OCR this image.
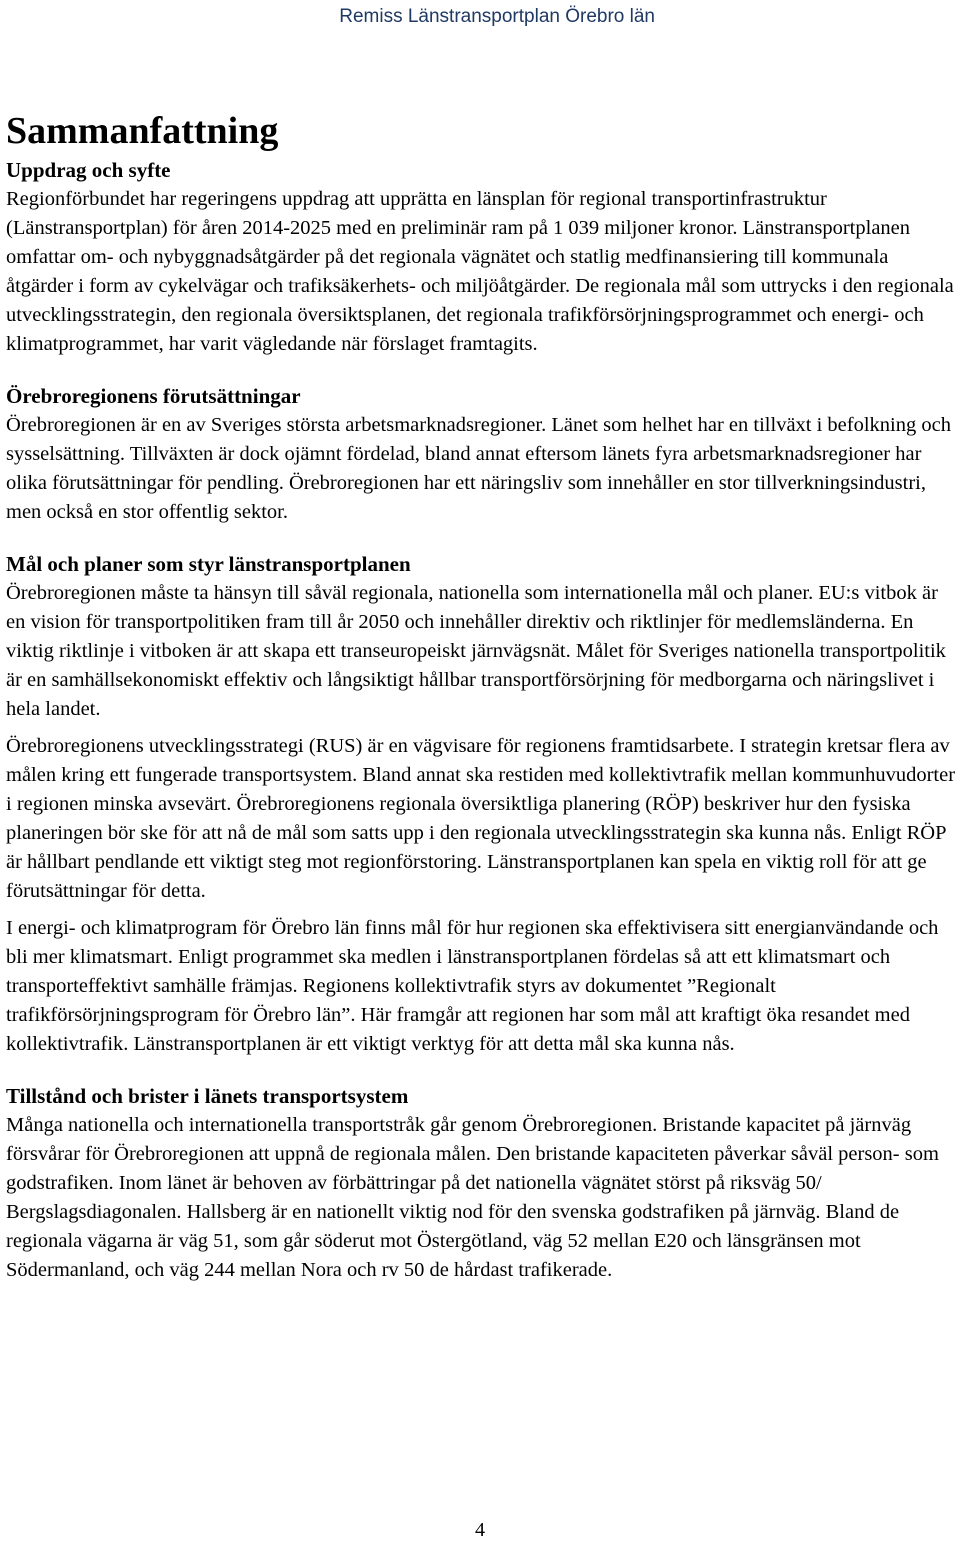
Remiss Länstransportplan Örebro län
Sammanfattning
Uppdrag och syfte

Regionförbundet har regeringens uppdrag att upprätta en länsplan för regional transportinfrastruktur (Länstransportplan) för åren 2014-2025 med en preliminär ram på 1 039 miljoner kronor. Länstransportplanen omfattar om- och nybyggnadsåtgärder på det regionala vägnätet och statlig medfinansiering till kommunala åtgärder i form av cykelvägar och trafiksäkerhets- och miljöåtgärder. De regionala mål som uttrycks i den regionala utvecklingsstrategin, den regionala översiktsplanen, det regionala trafikförsörjningsprogrammet och energi- och klimatprogrammet, har varit vägledande när förslaget framtagits.

Örebroregionens förutsättningar

Örebroregionen är en av Sveriges största arbetsmarknadsregioner. Länet som helhet har en tillväxt i befolkning och sysselsättning. Tillväxten är dock ojämnt fördelad, bland annat eftersom länets fyra arbetsmarknadsregioner har olika förutsättningar för pendling. Örebroregionen har ett näringsliv som innehåller en stor tillverkningsindustri, men också en stor offentlig sektor.

Mål och planer som styr länstransportplanen

Örebroregionen måste ta hänsyn till såväl regionala, nationella som internationella mål och planer. EU:s vitbok är en vision för transportpolitiken fram till år 2050 och innehåller direktiv och riktlinjer för medlemsländerna. En viktig riktlinje i vitboken är att skapa ett transeuropeiskt järnvägsnät. Målet för Sveriges nationella transportpolitik är en samhällsekonomiskt effektiv och långsiktigt hållbar transportförsörjning för medborgarna och näringslivet i hela landet.

Örebroregionens utvecklingsstrategi (RUS) är en vägvisare för regionens framtidsarbete. I strategin kretsar flera av målen kring ett fungerade transportsystem. Bland annat ska restiden med kollektivtrafik mellan kommunhuvudorter i regionen minska avsevärt. Örebroregionens regionala översiktliga planering (RÖP) beskriver hur den fysiska planeringen bör ske för att nå de mål som satts upp i den regionala utvecklingsstrategin ska kunna nås. Enligt RÖP är hållbart pendlande ett viktigt steg mot regionförstoring. Länstransportplanen kan spela en viktig roll för att ge förutsättningar för detta.

I energi- och klimatprogram för Örebro län finns mål för hur regionen ska effektivisera sitt energianvändande och bli mer klimatsmart. Enligt programmet ska medlen i länstransportplanen fördelas så att ett klimatsmart och transporteffektivt samhälle främjas. Regionens kollektivtrafik styrs av dokumentet ”Regionalt trafikförsörjningsprogram för Örebro län”. Här framgår att regionen har som mål att kraftigt öka resandet med kollektivtrafik. Länstransportplanen är ett viktigt verktyg för att detta mål ska kunna nås.

Tillstånd och brister i länets transportsystem

Många nationella och internationella transportstråk går genom Örebroregionen. Bristande kapacitet på järnväg försvårar för Örebroregionen att uppnå de regionala målen. Den bristande kapaciteten påverkar såväl person- som godstrafiken. Inom länet är behoven av förbättringar på det nationella vägnätet störst på riksväg 50/ Bergslagsdiagonalen. Hallsberg är en nationellt viktig nod för den svenska godstrafiken på järnväg. Bland de regionala vägarna är väg 51, som går söderut mot Östergötland, väg 52 mellan E20 och länsgränsen mot Södermanland, och väg 244 mellan Nora och rv 50 de hårdast trafikerade.

4
